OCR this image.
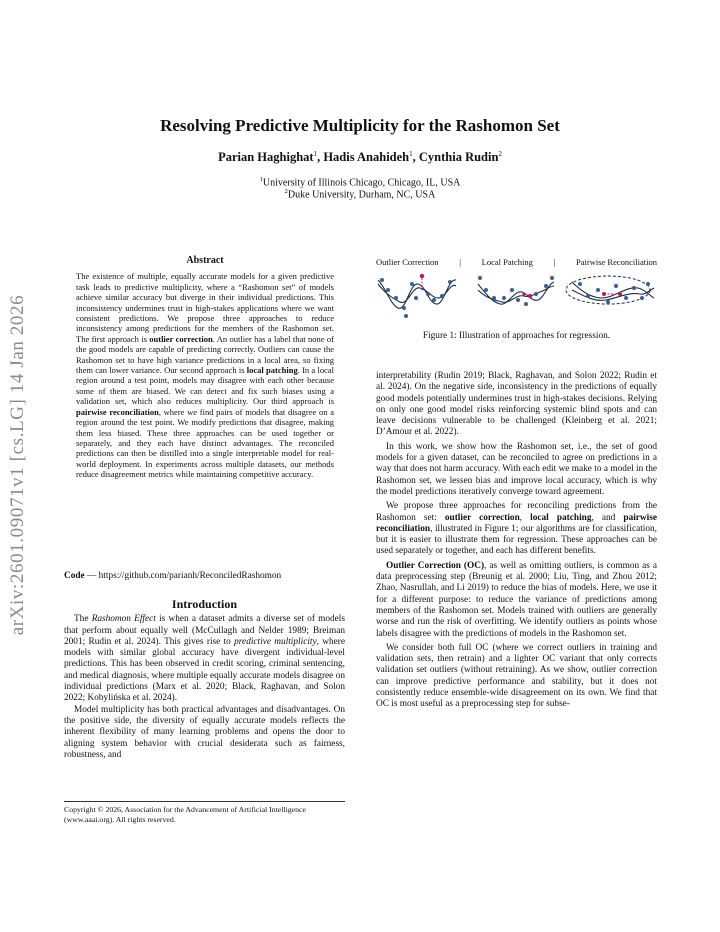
arXiv:2601.09071v1 [cs.LG] 14 Jan 2026
Resolving Predictive Multiplicity for the Rashomon Set
Parian Haghighat$^1$, Hadis Anahideh$^1$, Cynthia Rudin$^2$
$^1$University of Illinois Chicago, Chicago, IL, USA
$^2$Duke University, Durham, NC, USA
Abstract

The existence of multiple, equally accurate models for a given predictive task leads to predictive multiplicity, where a “Rashomon set” of models achieve similar accuracy but diverge in their individual predictions. This inconsistency undermines trust in high-stakes applications where we want consistent predictions. We propose three approaches to reduce inconsistency among predictions for the members of the Rashomon set. The first approach is outlier correction. An outlier has a label that none of the good models are capable of predicting correctly. Outliers can cause the Rashomon set to have high variance predictions in a local area, so fixing them can lower variance. Our second approach is local patching. In a local region around a test point, models may disagree with each other because some of them are biased. We can detect and fix such biases using a validation set, which also reduces multiplicity. Our third approach is pairwise reconciliation, where we find pairs of models that disagree on a region around the test point. We modify predictions that disagree, making them less biased. These three approaches can be used together or separately, and they each have distinct advantages. The reconciled predictions can then be distilled into a single interpretable model for real-world deployment. In experiments across multiple datasets, our methods reduce disagreement metrics while maintaining competitive accuracy.

Code — https://github.com/parianh/ReconciledRashomon
Introduction

The Rashomon Effect is when a dataset admits a diverse set of models that perform about equally well (McCullagh and Nelder 1989; Breiman 2001; Rudin et al. 2024). This gives rise to predictive multiplicity, where models with similar global accuracy have divergent individual-level predictions. This has been observed in credit scoring, criminal sentencing, and medical diagnosis, where multiple equally accurate models disagree on individual predictions (Marx et al. 2020; Black, Raghavan, and Solon 2022; Kobylińska et al. 2024).

Model multiplicity has both practical advantages and disadvantages. On the positive side, the diversity of equally accurate models reflects the inherent flexibility of many learning problems and opens the door to aligning system behavior with crucial desiderata such as fairness, robustness, and

Copyright © 2026, Association for the Advancement of Artificial Intelligence (www.aaai.org). All rights reserved.
Outlier Correction | Local Patching | Pairwise Reconciliation
Figure 1: Illustration of approaches for regression.

interpretability (Rudin 2019; Black, Raghavan, and Solon 2022; Rudin et al. 2024). On the negative side, inconsistency in the predictions of equally good models potentially undermines trust in high-stakes decisions. Relying on only one good model risks reinforcing systemic blind spots and can leave decisions vulnerable to be challenged (Kleinberg et al. 2021; D’Amour et al. 2022).

In this work, we show how the Rashomon set, i.e., the set of good models for a given dataset, can be reconciled to agree on predictions in a way that does not harm accuracy. With each edit we make to a model in the Rashomon set, we lessen bias and improve local accuracy, which is why the model predictions iteratively converge toward agreement.

We propose three approaches for reconciling predictions from the Rashomon set: outlier correction, local patching, and pairwise reconciliation, illustrated in Figure 1; our algorithms are for classification, but it is easier to illustrate them for regression. These approaches can be used separately or together, and each has different benefits.

Outlier Correction (OC), as well as omitting outliers, is common as a data preprocessing step (Breunig et al. 2000; Liu, Ting, and Zhou 2012; Zhao, Nasrullah, and Li 2019) to reduce the bias of models. Here, we use it for a different purpose: to reduce the variance of predictions among members of the Rashomon set. Models trained with outliers are generally worse and run the risk of overfitting. We identify outliers as points whose labels disagree with the predictions of models in the Rashomon set.

We consider both full OC (where we correct outliers in training and validation sets, then retrain) and a lighter OC variant that only corrects validation set outliers (without retraining). As we show, outlier correction can improve predictive performance and stability, but it does not consistently reduce ensemble-wide disagreement on its own. We find that OC is most useful as a preprocessing step for subse-
